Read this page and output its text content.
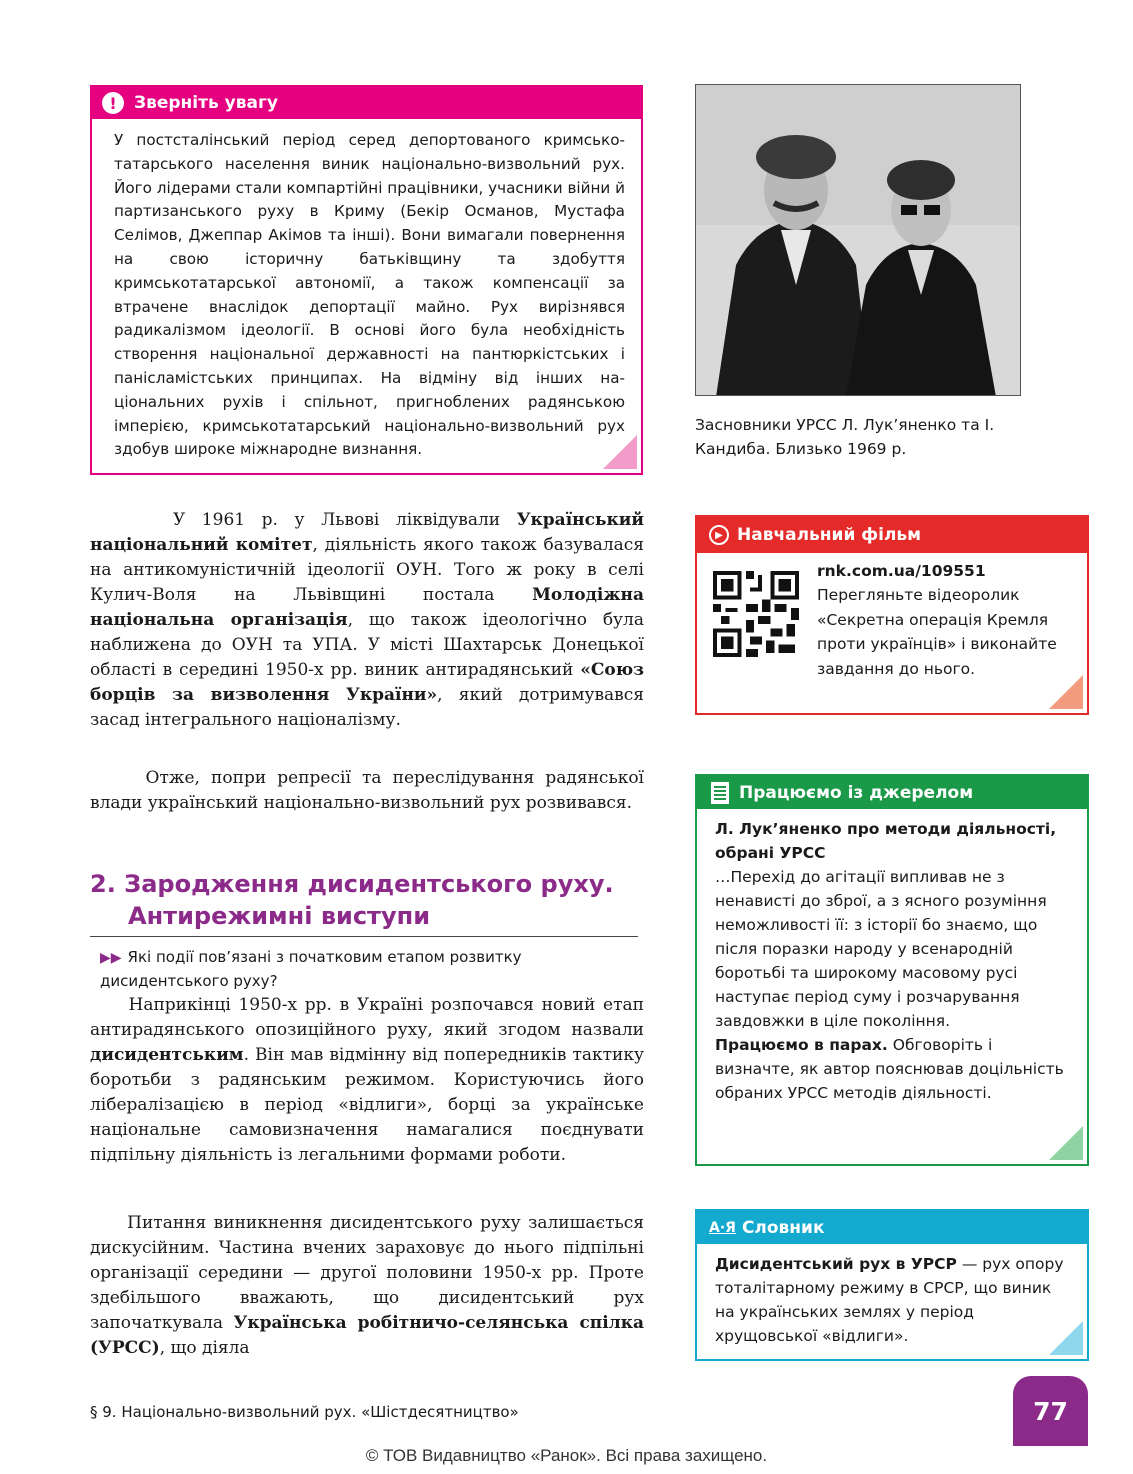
!	Зверніть увагу
У постсталінський період серед депортованого кримськотатарського населення виник національно-визвольний рух. Його лідерами стали компартійні працівники, учасники війни й партизанського руху в Криму (Бекір Османов, Мустафа Селімов, Джеппар Акімов та інші). Вони вимагали повернення на свою історичну батьківщину та здобуття кримськотатарської автономії, а також компенсації за втрачене внаслідок депортації майно. Рух вирізнявся радикалізмом ідеології. В основі його була необхідність створення національної державності на пантюркістських і паніcламістських принципах. На відміну від інших національних рухів і спільнот, пригноблених радянською імперією, кримськотатарський національно-визвольний рух здобув широке міжнародне визнання.
Засновники УРСС Л. Лук’яненко та І. Кандиба. Близько 1969 р.
У 1961 р. у Львові ліквідували Український національний комітет, діяльність якого також базувалася на антикомуністичній ідеології ОУН. Того ж року в селі Кулич-Воля на Львівщині постала Молодіжна національна організація, що також ідеологічно була наближена до ОУН та УПА. У місті Шахтарськ Донецької області в середині 1950-х рр. виник антирадянський «Союз борців за визволення України», який дотримувався засад інтегрального націоналізму.
Отже, попри репресії та переслідування радянської влади український національно-визвольний рух розвивався.
2. Зародження дисидентського руху.
Антирежимні виступи
▶▶ Які події пов’язані з початковим етапом розвитку дисидентського руху?
Наприкінці 1950-х рр. в Україні розпочався новий етап антирадянського опозиційного руху, який згодом назвали дисидентським. Він мав відмінну від попередників тактику боротьби з радянським режимом. Користуючись його лібералізацією в період «відлиги», борці за українське національне самовизначення намагалися поєднувати підпільну діяльність із легальними формами роботи.
Питання виникнення дисидентського руху залишається дискусійним. Частина вчених зараховує до нього підпільні організації середини — другої половини 1950-х рр. Проте здебільшого вважають, що дисидентський рух започаткувала Українська робітничо-селянська спілка (УРСС), що діяла
▶ Навчальний фільм
rnk.com.ua/109551
Перегляньте відеоролик «Секретна операція Кремля проти українців» і виконайте завдання до нього.
Працюємо із джерелом
Л. Лук’яненко про методи діяльності, обрані УРСС
…Перехід до агітації випливав не з ненависті до зброї, а з ясного розуміння неможливості її: з історії бо знаємо, що після поразки народу у всенародній боротьбі та широкому масовому русі наступає період суму і розчарування завдовжки в ціле покоління.
Працюємо в парах. Обговоріть і визначте, як автор пояснював доцільність обраних УРСС методів діяльності.
А·Я Словник
Дисидентський рух в УРСР — рух опору тоталітарному режиму в СРСР, що виник на українських землях у період хрущовської «відлиги».
§ 9. Національно-визвольний рух. «Шістдесятництво»	77
© ТОВ Видавництво «Ранок». Всі права захищено.
